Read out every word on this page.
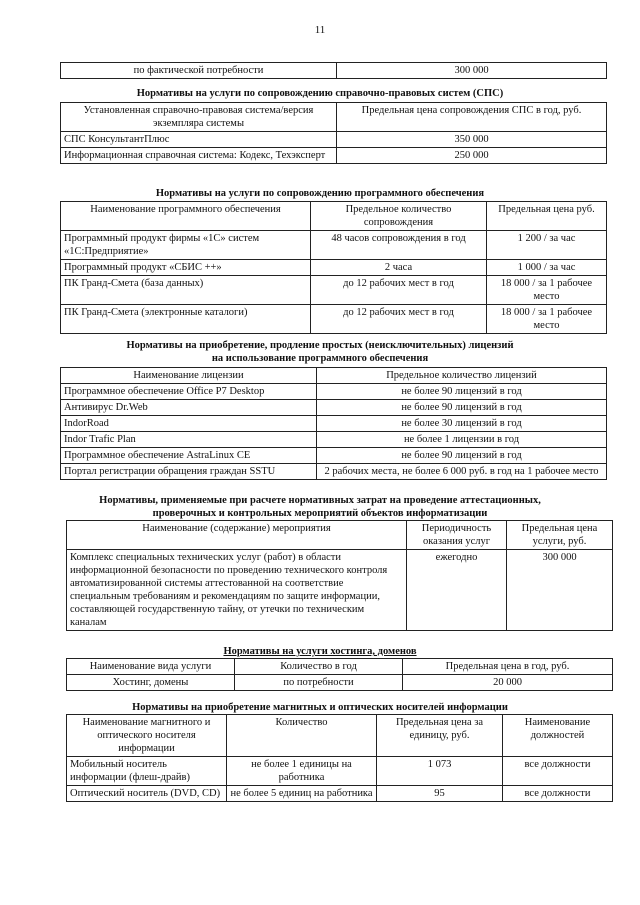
11
по фактической потребности	300 000
Нормативы на услуги по сопровождению справочно-правовых систем (СПС)
Установленная справочно-правовая система/версия экземпляра системы	Предельная цена сопровождения СПС в год, руб.
СПС КонсультантПлюс	350 000
Информационная справочная система: Кодекс, Техэксперт	250 000
Нормативы на услуги по сопровождению программного обеспечения
Наименование программного обеспечения	Предельное количество сопровождения	Предельная цена руб.
Программный продукт фирмы «1С» систем «1С:Предприятие»	48 часов сопровождения в год	1 200 / за час
Программный продукт «СБИС ++»	2 часа	1 000 / за час
ПК Гранд-Смета (база данных)	до 12 рабочих мест в год	18 000 / за 1 рабочее место
ПК Гранд-Смета (электронные каталоги)	до 12 рабочих мест в год	18 000 / за 1 рабочее место
Нормативы на приобретение, продление простых (неисключительных) лицензий
на использование программного обеспечения
Наименование лицензии	Предельное количество лицензий
Программное обеспечение Office P7 Desktop	не более 90 лицензий в год
Антивирус Dr.Web	не более 90 лицензий в год
IndorRoad	не более 30 лицензий в год
Indor Trafic Plan	не более 1 лицензии в год
Программное обеспечение AstraLinux CE	не более 90 лицензий в год
Портал регистрации обращения граждан SSTU	2 рабочих места, не более 6 000 руб. в год на 1 рабочее место
Нормативы, применяемые при расчете нормативных затрат на проведение аттестационных,
проверочных и контрольных мероприятий объектов информатизации
Наименование (содержание) мероприятия	Периодичность оказания услуг	Предельная цена услуги, руб.
Комплекс специальных технических услуг (работ) в области информационной безопасности по проведению технического контроля автоматизированной системы аттестованной на соответствие специальным требованиям и рекомендациям по защите информации, составляющей государственную тайну, от утечки по техническим каналам	ежегодно	300 000
Нормативы на услуги хостинга, доменов
Наименование вида услуги	Количество в год	Предельная цена в год, руб.
Хостинг, домены	по потребности	20 000
Нормативы на приобретение магнитных и оптических носителей информации
Наименование магнитного и оптического носителя информации	Количество	Предельная цена за единицу, руб.	Наименование должностей
Мобильный носитель информации (флеш-драйв)	не более 1 единицы на работника	1 073	все должности
Оптический носитель (DVD, CD)	не более 5 единиц на работника	95	все должности
